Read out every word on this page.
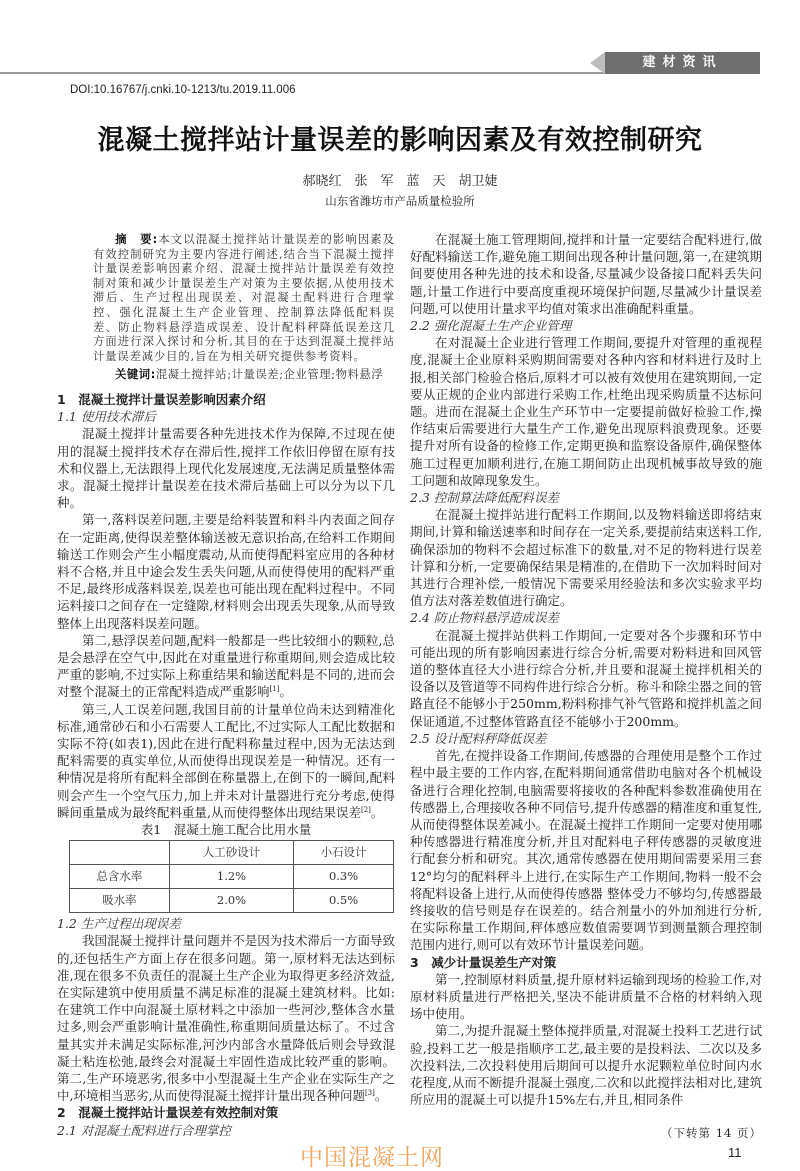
建材资讯
DOI:10.16767/j.cnki.10-1213/tu.2019.11.006
混凝土搅拌站计量误差的影响因素及有效控制研究
郝晓红　张　军　蓝　天　胡卫婕
山东省潍坊市产品质量检验所
摘　要:本文以混凝土搅拌站计量误差的影响因素及有效控制研究为主要内容进行阐述,结合当下混凝土搅拌计量误差影响因素介绍、混凝土搅拌站计量误差有效控制对策和减少计量误差生产对策为主要依据,从使用技术滞后、生产过程出现误差、对混凝土配料进行合理掌控、强化混凝土生产企业管理、控制算法降低配料误差、防止物料悬浮造成误差、设计配料秤降低误差这几方面进行深入探讨和分析,其目的在于达到混凝土搅拌站计量误差减少目的,旨在为相关研究提供参考资料。
关键词:混凝土搅拌站;计量误差;企业管理;物料悬浮
1　混凝土搅拌计量误差影响因素介绍
1.1 使用技术滞后

混凝土搅拌计量需要各种先进技术作为保障,不过现在使用的混凝土搅拌技术存在滞后性,搅拌工作依旧停留在原有技术和仪器上,无法跟得上现代化发展速度,无法满足质量整体需求。混凝土搅拌计量误差在技术滞后基础上可以分为以下几种。

第一,落料误差问题,主要是给料装置和料斗内表面之间存在一定距离,使得误差整体输送被无意识抬高,在给料工作期间输送工作则会产生小幅度震动,从而使得配料室应用的各种材料不合格,并且中途会发生丢失问题,从而使得使用的配料严重不足,最终形成落料误差,误差也可能出现在配料过程中。不同运料接口之间存在一定缝隙,材料则会出现丢失现象,从而导致整体上出现落料误差问题。

第二,悬浮误差问题,配料一般都是一些比较细小的颗粒,总是会悬浮在空气中,因此在对重量进行称重期间,则会造成比较严重的影响,不过实际上称重结果和输送配料是不同的,进而会对整个混凝土的正常配料造成严重影响[1]。

第三,人工误差问题,我国目前的计量单位尚未达到精准化标准,通常砂石和小石需要人工配比,不过实际人工配比数据和实际不符(如表1),因此在进行配料称量过程中,因为无法达到配料需要的真实单位,从而使得出现误差是一种情况。还有一种情况是将所有配料全部倒在称量器上,在倒下的一瞬间,配料则会产生一个空气压力,加上并未对计量器进行充分考虑,使得瞬间重量成为最终配料重量,从而使得整体出现结果误差[2]。

表1　混凝土施工配合比用水量
	人工砂设计	小石设计
总含水率	1.2%	0.3%
吸水率	2.0%	0.5%
1.2 生产过程出现误差

我国混凝土搅拌计量问题并不是因为技术滞后一方面导致的,还包括生产方面上存在很多问题。第一,原材料无法达到标准,现在很多不负责任的混凝土生产企业为取得更多经济效益,在实际建筑中使用质量不满足标准的混凝土建筑材料。比如:在建筑工作中向混凝土原材料之中添加一些河沙,整体含水量过多,则会严重影响计量准确性,称重期间质量达标了。不过含量其实并未满足实际标准,河沙内部含水量降低后则会导致混凝土粘连松弛,最终会对混凝土牢固性造成比较严重的影响。第二,生产环境恶劣,很多中小型混凝土生产企业在实际生产之中,环境相当恶劣,从而使得混凝土搅拌计量出现各种问题[3]。

2　混凝土搅拌站计量误差有效控制对策
2.1 对混凝土配料进行合理掌控

在混凝土施工管理期间,搅拌和计量一定要结合配料进行,做好配料输送工作,避免施工期间出现各种计量问题,第一,在建筑期间要使用各种先进的技术和设备,尽量减少设备接口配料丢失问题,计量工作进行中要高度重视环境保护问题,尽量减少计量误差问题,可以使用计量求平均值对策求出准确配料重量。

2.2 强化混凝土生产企业管理

在对混凝土企业进行管理工作期间,要提升对管理的重视程度,混凝土企业原料采购期间需要对各种内容和材料进行及时上报,相关部门检验合格后,原料才可以被有效使用在建筑期间,一定要从正规的企业内部进行采购工作,杜绝出现采购质量不达标问题。进而在混凝土企业生产环节中一定要提前做好检验工作,操作结束后需要进行大量生产工作,避免出现原料浪费现象。还要提升对所有设备的检修工作,定期更换和监察设备原件,确保整体施工过程更加顺利进行,在施工期间防止出现机械事故导致的施工问题和故障现象发生。

2.3 控制算法降低配料误差

在混凝土搅拌站进行配料工作期间,以及物料输送即将结束期间,计算和输送速率和时间存在一定关系,要提前结束送料工作,确保添加的物料不会超过标准下的数量,对不足的物料进行误差计算和分析,一定要确保结果是精准的,在借助下一次加料时间对其进行合理补偿,一般情况下需要采用经验法和多次实验求平均值方法对落差数值进行确定。

2.4 防止物料悬浮造成误差

在混凝土搅拌站供料工作期间,一定要对各个步骤和环节中可能出现的所有影响因素进行综合分析,需要对粉料进和回风管道的整体直径大小进行综合分析,并且要和混凝土搅拌机相关的设备以及管道等不同构件进行综合分析。称斗和除尘器之间的管路直径不能够小于250mm,粉料称排气补气管路和搅拌机盖之间保证通道,不过整体管路直径不能够小于200mm。

2.5 设计配料秤降低误差

首先,在搅拌设备工作期间,传感器的合理使用是整个工作过程中最主要的工作内容,在配料期间通常借助电脑对各个机械设备进行合理化控制,电脑需要将接收的各种配料参数准确使用在传感器上,合理接收各种不同信号,提升传感器的精准度和重复性,从而使得整体误差减小。在混凝土搅拌工作期间一定要对使用哪种传感器进行精准度分析,并且对配料电子秤传感器的灵敏度进行配套分析和研究。其次,通常传感器在使用期间需要采用三套12°均匀的配料秤斗上进行,在实际生产工作期间,物料一般不会将配料设备上进行,从而使得传感器 整体受力不够均匀,传感器最终接收的信号则是存在误差的。结合剂量小的外加剂进行分析,在实际称量工作期间,秤体感应数值需要调节到测量额合理控制范围内进行,则可以有效环节计量误差问题。

3　减少计量误差生产对策

第一,控制原材料质量,提升原材料运输到现场的检验工作,对原材料质量进行严格把关,坚决不能讲质量不合格的材料纳入现场中使用。

第二,为提升混凝土整体搅拌质量,对混凝土投料工艺进行试验,投料工艺一般是指顺序工艺,最主要的是投料法、二次以及多次投料法,二次投料使用后期间可以提升水泥颗粒单位时间内水花程度,从而不断提升混凝土强度,二次和以此搅拌法相对比,建筑所应用的混凝土可以提升15%左右,并且,相同条件

（下转第 14 页）
中国混凝土网	11
